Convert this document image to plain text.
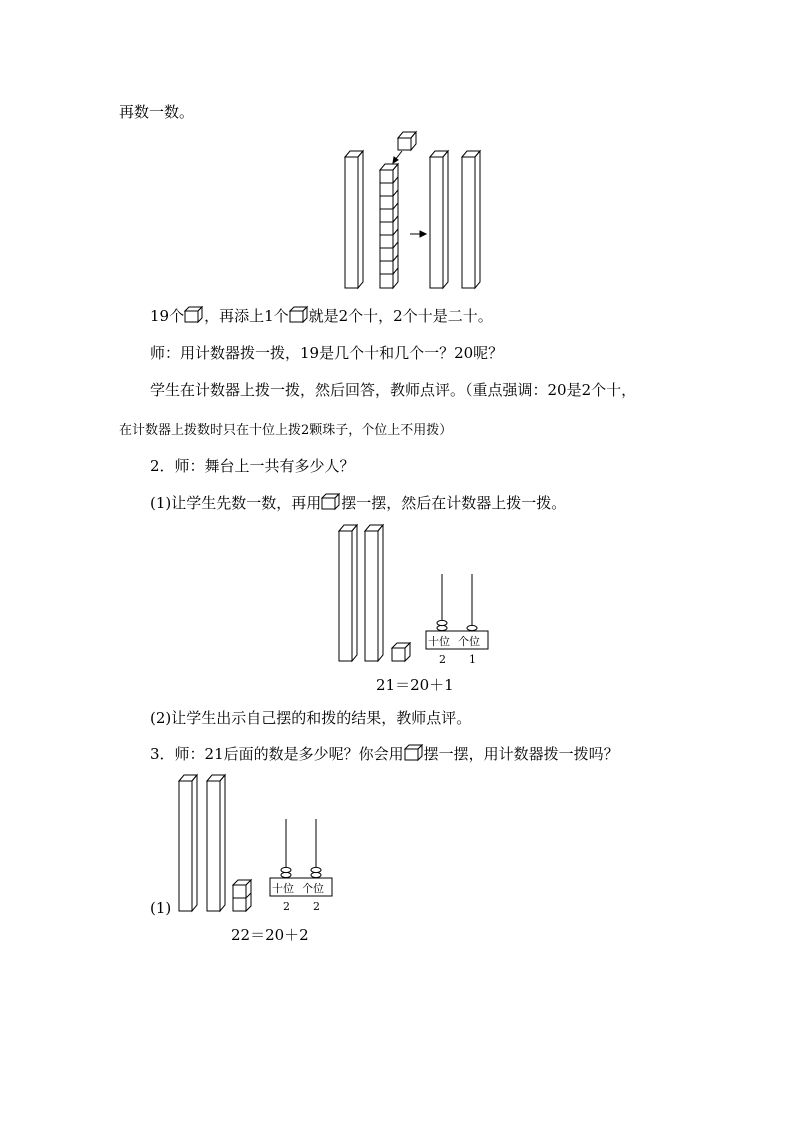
再数一数。
19个 ，再添上1个 就是2个十，2个十是二十。
师：用计数器拨一拨，19是几个十和几个一？20呢？
学生在计数器上拨一拨，然后回答，教师点评。（重点强调：20是2个十，
在计数器上拨数时只在十位上拨2颗珠子，个位上不用拨）
2．师：舞台上一共有多少人？
(1)让学生先数一数，再用 摆一摆，然后在计数器上拨一拨。
十位 个位
2 1
21＝20＋1
(2)让学生出示自己摆的和拨的结果，教师点评。
3．师：21后面的数是多少呢？你会用 摆一摆，用计数器拨一拨吗？
(1)
十位 个位
2 2
22＝20＋2
